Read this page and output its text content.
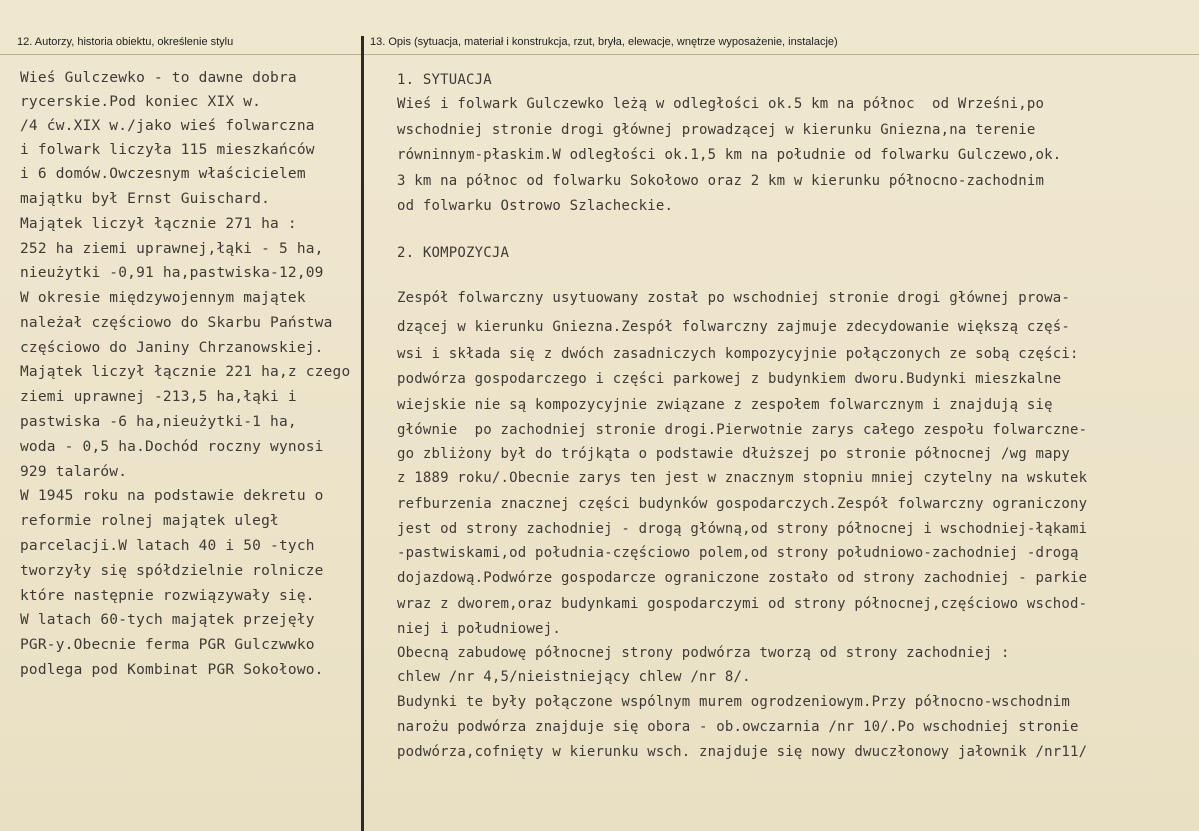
12. Autorzy, historia obiektu, określenie stylu	13. Opis (sytuacja, materiał i konstrukcja, rzut, bryła, elewacje, wnętrze wyposażenie, instalacje)
Wieś Gulczewko - to dawne dobra
rycerskie.Pod koniec XIX w.
/4 ćw.XIX w./jako wieś folwarczna
i folwark liczyła 115 mieszkańców
i 6 domów.Owczesnym właścicielem
majątku był Ernst Guischard.
Majątek liczył łącznie 271 ha :
252 ha ziemi uprawnej,łąki - 5 ha,
nieużytki -0,91 ha,pastwiska-12,09
W okresie międzywojennym majątek
należał częściowo do Skarbu Państwa
częściowo do Janiny Chrzanowskiej.
Majątek liczył łącznie 221 ha,z czego
ziemi uprawnej -213,5 ha,łąki i
pastwiska -6 ha,nieużytki-1 ha,
woda - 0,5 ha.Dochód roczny wynosi
929 talarów.
W 1945 roku na podstawie dekretu o
reformie rolnej majątek uległ
parcelacji.W latach 40 i 50 -tych
tworzyły się spółdzielnie rolnicze
które następnie rozwiązywały się.
W latach 60-tych majątek przejęły
PGR-y.Obecnie ferma PGR Gulczwwko
podlega pod Kombinat PGR Sokołowo.
1. SYTUACJA
Wieś i folwark Gulczewko leżą w odległości ok.5 km na północ  od Wrześni,po
wschodniej stronie drogi głównej prowadzącej w kierunku Gniezna,na terenie
równinnym-płaskim.W odległości ok.1,5 km na południe od folwarku Gulczewo,ok.
3 km na północ od folwarku Sokołowo oraz 2 km w kierunku północno-zachodnim
od folwarku Ostrowo Szlacheckie.
2. KOMPOZYCJA
Zespół folwarczny usytuowany został po wschodniej stronie drogi głównej prowa-
dzącej w kierunku Gniezna.Zespół folwarczny zajmuje zdecydowanie większą częś-
wsi i składa się z dwóch zasadniczych kompozycyjnie połączonych ze sobą części:
podwórza gospodarczego i części parkowej z budynkiem dworu.Budynki mieszkalne
wiejskie nie są kompozycyjnie związane z zespołem folwarcznym i znajdują się
głównie  po zachodniej stronie drogi.Pierwotnie zarys całego zespołu folwarczne-
go zbliżony był do trójkąta o podstawie dłuższej po stronie północnej /wg mapy
z 1889 roku/.Obecnie zarys ten jest w znacznym stopniu mniej czytelny na wskutek
refburzenia znacznej części budynków gospodarczych.Zespół folwarczny ograniczony
jest od strony zachodniej - drogą główną,od strony północnej i wschodniej-łąkami
-pastwiskami,od południa-częściowo polem,od strony południowo-zachodniej -drogą
dojazdową.Podwórze gospodarcze ograniczone zostało od strony zachodniej - parkie
wraz z dworem,oraz budynkami gospodarczymi od strony północnej,częściowo wschod-
niej i południowej.
Obecną zabudowę północnej strony podwórza tworzą od strony zachodniej :
chlew /nr 4,5/nieistniejący chlew /nr 8/.
Budynki te były połączone wspólnym murem ogrodzeniowym.Przy północno-wschodnim
narożu podwórza znajduje się obora - ob.owczarnia /nr 10/.Po wschodniej stronie
podwórza,cofnięty w kierunku wsch. znajduje się nowy dwuczłonowy jałownik /nr11/
